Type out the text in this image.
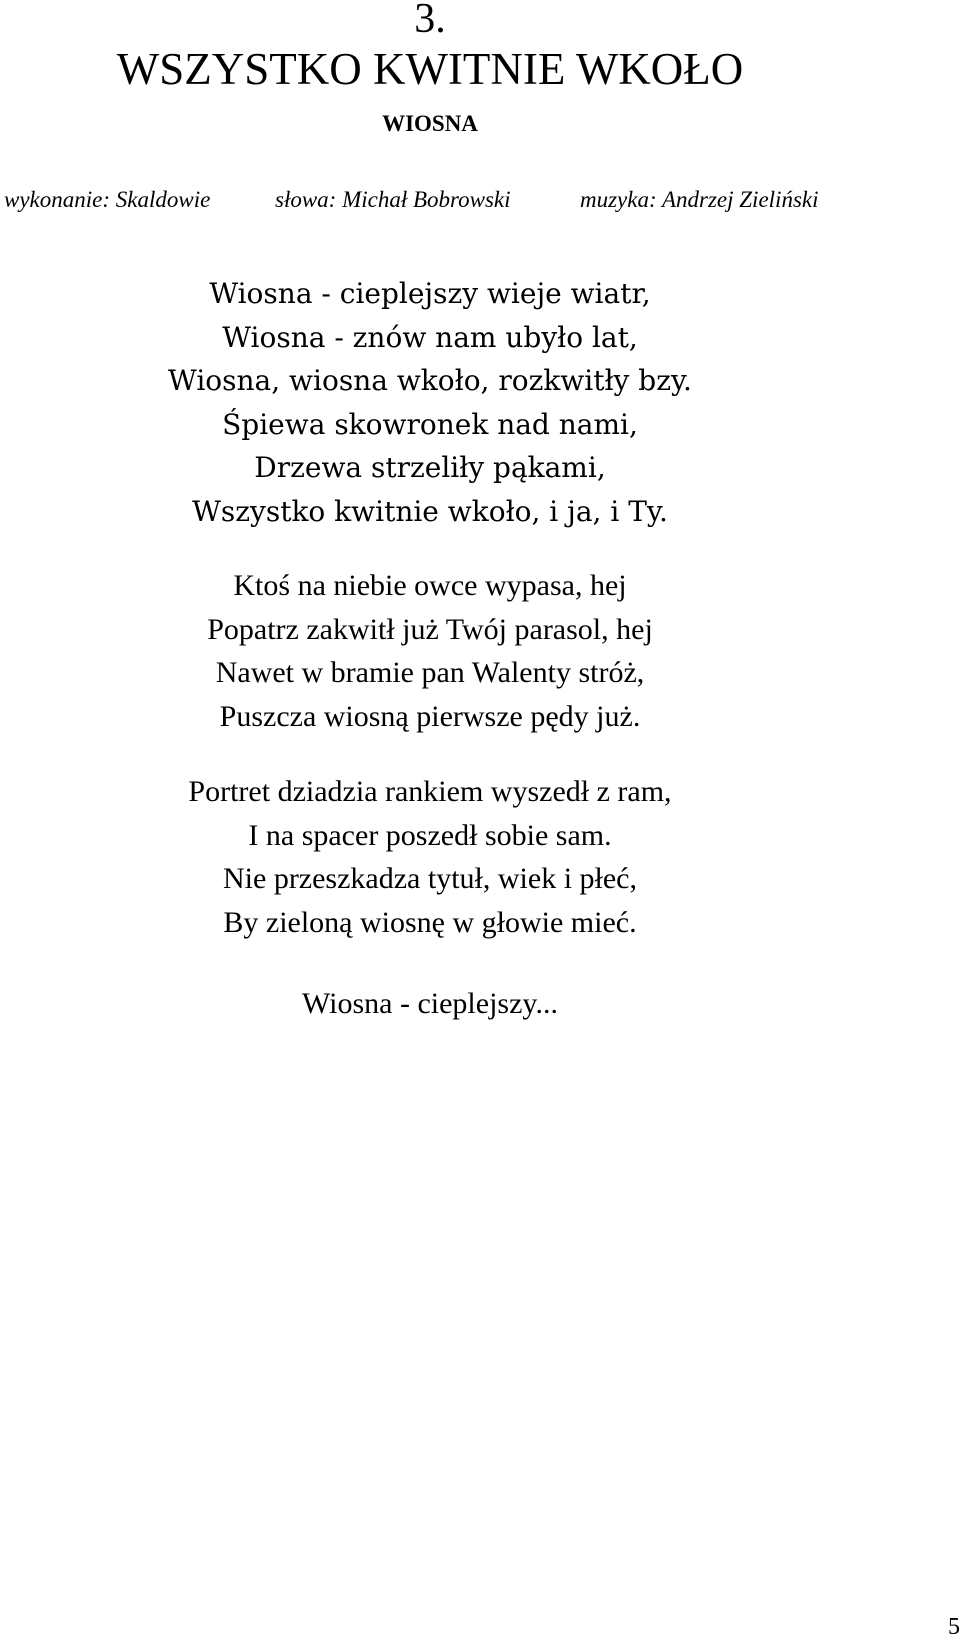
3.
WSZYSTKO KWITNIE WKOŁO
WIOSNA
wykonanie: Skaldowie	słowa: Michał Bobrowski	muzyka: Andrzej Zieliński
Wiosna - cieplejszy wieje wiatr,
Wiosna - znów nam ubyło lat,
Wiosna, wiosna wkoło, rozkwitły bzy.
Śpiewa skowronek nad nami,
Drzewa strzeliły pąkami,
Wszystko kwitnie wkoło, i ja, i Ty.
Ktoś na niebie owce wypasa, hej
Popatrz zakwitł już Twój parasol, hej
Nawet w bramie pan Walenty stróż,
Puszcza wiosną pierwsze pędy już.
Portret dziadzia rankiem wyszedł z ram,
I na spacer poszedł sobie sam.
Nie przeszkadza tytuł, wiek i płeć,
By zieloną wiosnę w głowie mieć.
Wiosna - cieplejszy...
5
